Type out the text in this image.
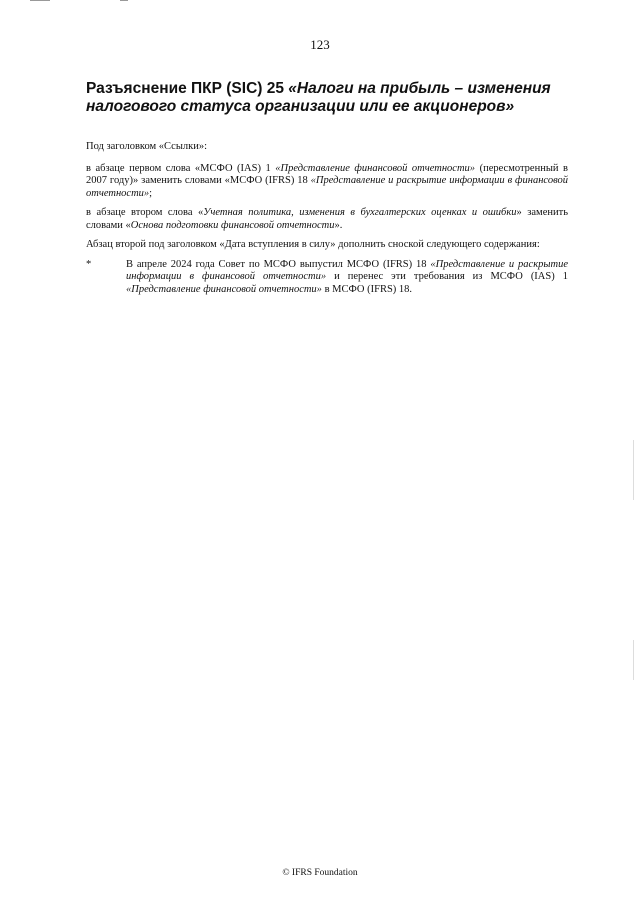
123
Разъяснение ПКР (SIC) 25 «Налоги на прибыль – изменения налогового статуса организации или ее акционеров»

Под заголовком «Ссылки»:

в абзаце первом слова «МСФО (IAS) 1 «Представление финансовой отчетности» (пересмотренный в 2007 году)» заменить словами «МСФО (IFRS) 18 «Представление и раскрытие информации в финансовой отчетности»;

в абзаце втором слова «Учетная политика, изменения в бухгалтерских оценках и ошибки» заменить словами «Основа подготовки финансовой отчетности».

Абзац второй под заголовком «Дата вступления в силу» дополнить сноской следующего содержания:

*	В апреле 2024 года Совет по МСФО выпустил МСФО (IFRS) 18 «Представление и раскрытие информации в финансовой отчетности» и перенес эти требования из МСФО (IAS) 1 «Представление финансовой отчетности» в МСФО (IFRS) 18.
© IFRS Foundation
